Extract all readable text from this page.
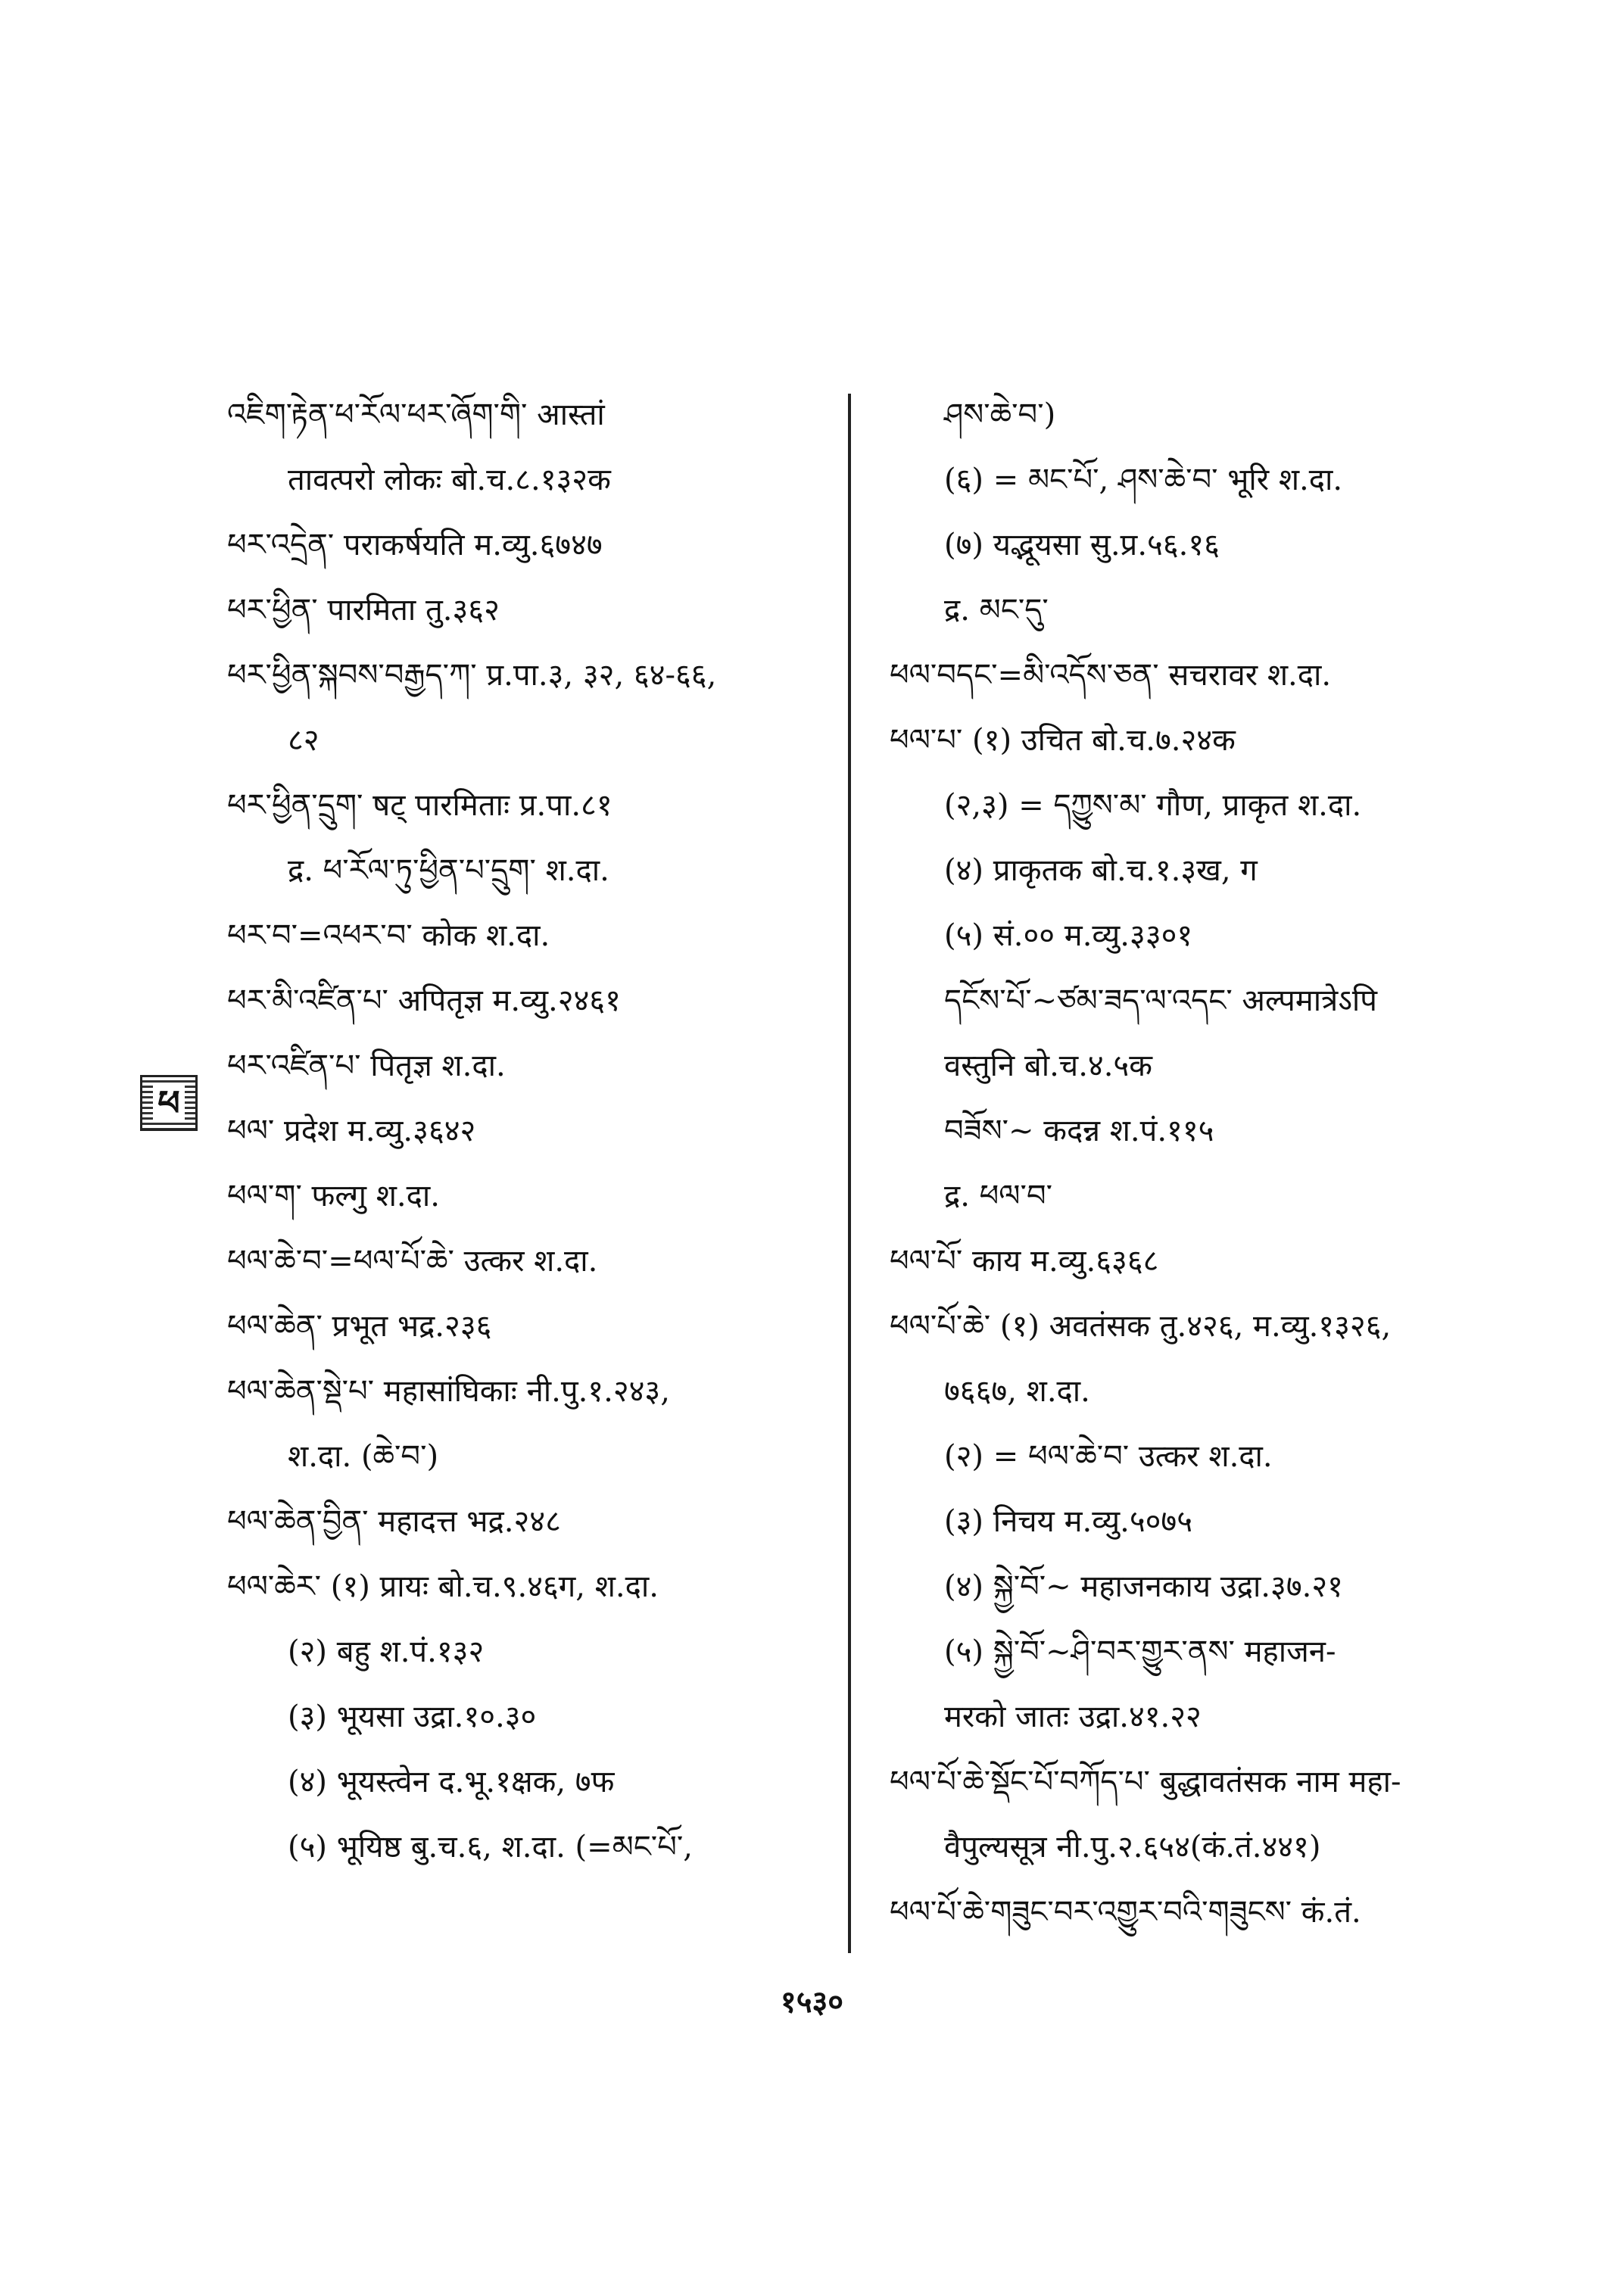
འཇིག་རྟེན་ཕ་རོལ་ཕར་ཞོག་གི་ आस्तां
तावत्परो लोकः बो.च.८.१३२क
ཕར་འདྲེན་ पराकर्षयति म.व्यु.६७४७
ཕར་ཕྱིན་ पारमिता तु.३६२
ཕར་ཕྱིན་སྐབས་བརྒྱད་ཀ་ प्र.पा.३, ३२, ६४-६६,
८२
ཕར་ཕྱིན་དྲུག་ षट् पारमिताः प्र.पा.८१
द्र. ཕ་རོལ་ཏུ་ཕྱིན་པ་དྲུག་ श.दा.
ཕར་བ་=འཕར་བ་ कोक श.दा.
ཕར་མི་འཛིན་པ་ अपितृज्ञ म.व्यु.२४६१
ཕར་འཛིན་པ་ पितृज्ञ श.दा.
ཕལ་ प्रदेश म.व्यु.३६४२
ཕལ་ག་ फल्गु श.दा.
ཕལ་ཆེ་བ་=ཕལ་པོ་ཆེ་ उत्कर श.दा.
ཕལ་ཆེན་ प्रभूत भद्र.२३६
ཕལ་ཆེན་སྡེ་པ་ महासांघिकाः नी.पु.१.२४३,
श.दा. (ཆེ་བ་)
ཕལ་ཆེན་བྱིན་ महादत्त भद्र.२४८
ཕལ་ཆེར་ (१) प्रायः बो.च.९.४६ग, श.दा.
(२) बहु श.पं.१३२
(३) भूयसा उद्रा.१०.३०
(४) भूयस्त्वेन द.भू.१क्षक, ७फ
(५) भूयिष्ठ बु.च.६, श.दा. (=མང་པོ་,
ཤས་ཆེ་བ་)
(६) = མང་པོ་, ཤས་ཆེ་བ་ भूरि श.दा.
(७) यद्भूयसा सु.प्र.५६.१६
द्र. མང་དུ་
ཕལ་བདང་=མི་འདོས་ཅན་ सचरावर श.दा.
ཕལ་པ་ (१) उचित बो.च.७.२४क
(२,३) = དཀྱུས་མ་ गौण, प्राकृत श.दा.
(४) प्राकृतक बो.च.१.३ख, ग
(५) सं.०० म.व्यु.३३०१
དངོས་པོ་~ཙམ་ཟད་ལ་འདང་ अल्पमात्रेऽपि
वस्तुनि बो.च.४.५क
བཟོས་~ कदन्न श.पं.११५
द्र. ཕལ་བ་
ཕལ་པོ་ काय म.व्यु.६३६८
ཕལ་པོ་ཆེ་ (१) अवतंसक तु.४२६, म.व्यु.१३२६,
७६६७, श.दा.
(२) = ཕལ་ཆེ་བ་ उत्कर श.दा.
(३) निचय म.व्यु.५०७५
(४) སྐྱེ་བོ་~ महाजनकाय उद्रा.३७.२१
(५) སྐྱེ་བོ་~ཤི་བར་གྱུར་ནས་ महाजन-
मरको जातः उद्रा.४१.२२
ཕལ་པོ་ཆེ་སྡོང་པོ་བཀོད་པ་ बुद्धावतंसक नाम महा-
वैपुल्यसूत्र नी.पु.२.६५४(कं.तं.४४१)
ཕལ་པོ་ཆེ་གཟུང་བར་འགྱུར་བའི་གཟུངས་ कं.तं.
ཕ
१५३०
